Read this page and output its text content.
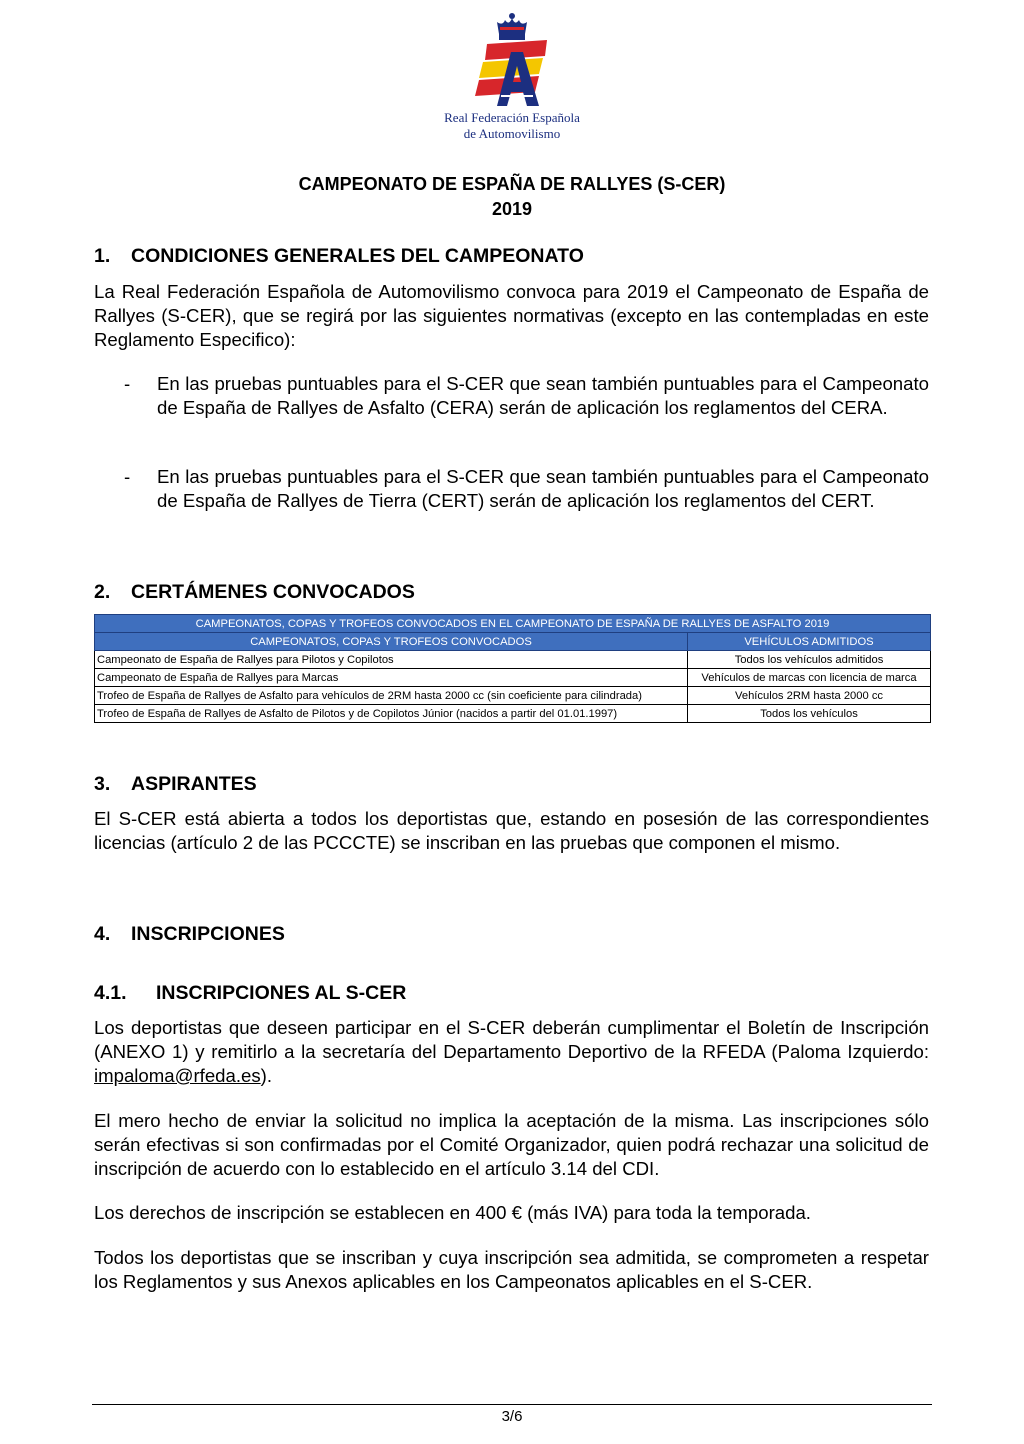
Real Federación Española
de Automovilismo
CAMPEONATO DE ESPAÑA DE RALLYES (S-CER)
2019
1.	CONDICIONES GENERALES DEL CAMPEONATO
La Real Federación Española de Automovilismo convoca para 2019 el Campeonato de España de Rallyes (S-CER), que se regirá por las siguientes normativas (excepto en las contempladas en este Reglamento Especifico):
-	En las pruebas puntuables para el S-CER que sean también puntuables para el Campeonato de España de Rallyes de Asfalto (CERA) serán de aplicación los reglamentos del CERA.
-	En las pruebas puntuables para el S-CER que sean también puntuables para el Campeonato de España de Rallyes de Tierra (CERT) serán de aplicación los reglamentos del CERT.
2.	CERTÁMENES CONVOCADOS
CAMPEONATOS, COPAS Y TROFEOS CONVOCADOS EN EL CAMPEONATO DE ESPAÑA DE RALLYES DE ASFALTO 2019	
CAMPEONATOS, COPAS Y TROFEOS CONVOCADOS	VEHÍCULOS ADMITIDOS
Campeonato de España de Rallyes para Pilotos y Copilotos	Todos los vehículos admitidos
Campeonato de España de Rallyes para Marcas	Vehículos de marcas con licencia de marca
Trofeo de España de Rallyes de Asfalto para vehículos de 2RM hasta 2000 cc (sin coeficiente para cilindrada)	Vehículos 2RM hasta 2000 cc
Trofeo de España de Rallyes de Asfalto de Pilotos y de Copilotos Júnior (nacidos a partir del 01.01.1997)	Todos los vehículos
3.	ASPIRANTES
El S-CER está abierta a todos los deportistas que, estando en posesión de las correspondientes licencias (artículo 2 de las PCCCTE) se inscriban en las pruebas que componen el mismo.
4.	INSCRIPCIONES
4.1.	INSCRIPCIONES AL S-CER
Los deportistas que deseen participar en el S-CER deberán cumplimentar el Boletín de Inscripción (ANEXO 1) y remitirlo a la secretaría del Departamento Deportivo de la RFEDA (Paloma Izquierdo: impaloma@rfeda.es).
El mero hecho de enviar la solicitud no implica la aceptación de la misma. Las inscripciones sólo serán efectivas si son confirmadas por el Comité Organizador, quien podrá rechazar una solicitud de inscripción de acuerdo con lo establecido en el artículo 3.14 del CDI.
Los derechos de inscripción se establecen en 400 € (más IVA) para toda la temporada.
Todos los deportistas que se inscriban y cuya inscripción sea admitida, se comprometen a respetar los Reglamentos y sus Anexos aplicables en los Campeonatos aplicables en el S-CER.
3/6
